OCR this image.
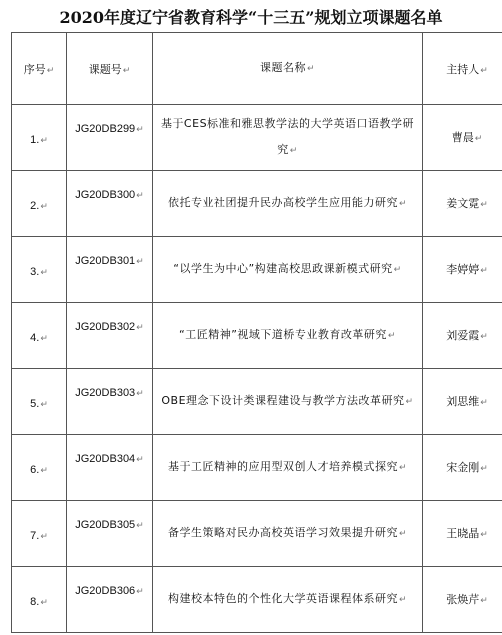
2020年度辽宁省教育科学“十三五”规划立项课题名单
序号↵	课题号↵	课题名称↵	主持人↵
1.↵	JG20DB299↵	基于CES标准和雅思教学法的大学英语口语教学研究↵	曹晨↵
2.↵	JG20DB300↵	依托专业社团提升民办高校学生应用能力研究↵	姜文霓↵
3.↵	JG20DB301↵	“以学生为中心”构建高校思政课新模式研究↵	李婷婷↵
4.↵	JG20DB302↵	“工匠精神”视域下道桥专业教育改革研究↵	刘爱霞↵
5.↵	JG20DB303↵	OBE理念下设计类课程建设与教学方法改革研究↵	刘思维↵
6.↵	JG20DB304↵	基于工匠精神的应用型双创人才培养模式探究↵	宋金刚↵
7.↵	JG20DB305↵	备学生策略对民办高校英语学习效果提升研究↵	王晓晶↵
8.↵	JG20DB306↵	构建校本特色的个性化大学英语课程体系研究↵	张焕芹↵
